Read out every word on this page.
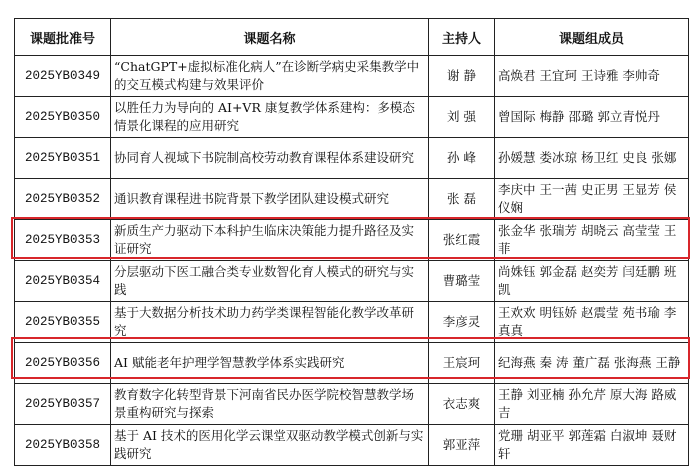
课题批准号	课题名称	主持人	课题组成员
2025YB0349	“ChatGPT+虚拟标准化病人”在诊断学病史采集教学中的交互模式构建与效果评价	谢 静	高焕君 王宜珂 王诗雅 李帅奇
2025YB0350	以胜任力为导向的 AI+VR 康复教学体系建构：多模态情景化课程的应用研究	刘 强	曾国际 梅静 邵璐 郭立青悦丹
2025YB0351	协同育人视域下书院制高校劳动教育课程体系建设研究	孙 峰	孙媛慧 娄冰琼 杨卫红 史良 张娜
2025YB0352	通识教育课程进书院背景下教学团队建设模式研究	张 磊	李庆中 王一茜 史正男 王显芳 侯仪娴
2025YB0353	新质生产力驱动下本科护生临床决策能力提升路径及实证研究	张红霞	张金华 张瑞芳 胡晓云 高莹莹 王菲
2025YB0354	分层驱动下医工融合类专业数智化育人模式的研究与实践	曹璐莹	尚姝钰 郭金磊 赵奕芳 闫廷鹏 班凯
2025YB0355	基于大数据分析技术助力药学类课程智能化教学改革研究	李彦灵	王欢欢 明钰娇 赵震莹 苑书瑜 李真真
2025YB0356	AI 赋能老年护理学智慧教学体系实践研究	王宸珂	纪海燕 秦 涛 董广磊 张海燕 王静
2025YB0357	教育数字化转型背景下河南省民办医学院校智慧教学场景重构研究与探索	衣志爽	王静 刘亚楠 孙允芹 原大海 路威吉
2025YB0358	基于 AI 技术的医用化学云课堂双驱动教学模式创新与实践研究	郭亚萍	党珊 胡亚平 郭莲霜 白淑坤 聂财轩
